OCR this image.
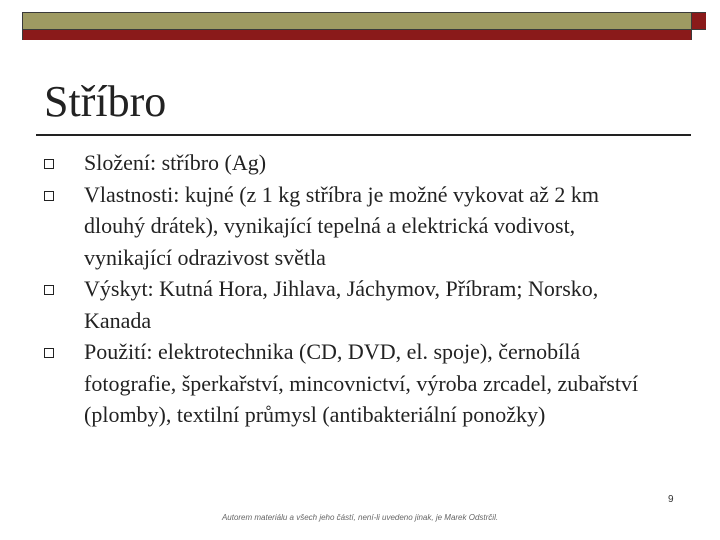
Stříbro
Složení: stříbro (Ag)
Vlastnosti: kujné (z 1 kg stříbra je možné vykovat až 2 km dlouhý drátek), vynikající tepelná a elektrická vodivost, vynikající odrazivost světla
Výskyt: Kutná Hora, Jihlava, Jáchymov, Příbram; Norsko, Kanada
Použití: elektrotechnika (CD, DVD, el. spoje), černobílá fotografie, šperkařství, mincovnictví, výroba zrcadel, zubařství (plomby), textilní průmysl (antibakteriální ponožky)
9
Autorem materiálu a všech jeho částí, není-li uvedeno jinak, je Marek Odstrčil.
